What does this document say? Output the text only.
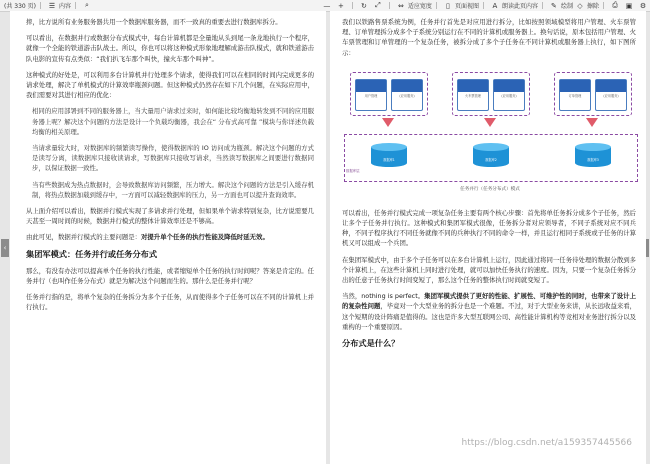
(共 330 页) ☰ 内容 ⌕	— + ↻ ⤢ ⇔ 适应宽度 ▯ 页面视图 A 朗读此页内容 ✎ 绘制 ◇ 擦除 ⎙ ▣ ⚙
‹

摔，比方说所有业务服务器共用一个数据库服务器，而不一致真的重要去进行数据库拆分。

可以看出，在数据并行或数据分布式模式中，每台计算机都是全量地从头到尾一条龙地执行一个程序，就像一个全能的铁道游击队战士。所以，你也可以将这种模式形象地理解成游击队模式，就和铁道游击队电影的宣传有点类似：“我们扒飞车那个叫快，撞火车那个叫神”。

这种模式的好处是，可以利用多台计算机并行处理多个请求，使得我们可以在相同的时间内完成更多的请求处理，解决了单机模式的计算效率瓶颈问题。但这种模式仍然存在如下几个问题，在实际应用中，我们需要对其进行相应的优化：

相同的应用部署到不同的服务器上，当大量用户请求过来时，如何能比较均衡地转发到不同的应用服务器上呢？解决这个问题的方法是设计一个负载均衡器，我会在“ 分布式高可靠 ”模块与你详述负载均衡的相关原理。

当请求量较大时，对数据库的频繁读写操作，使得数据库的 IO 访问成为瓶颈。解决这个问题的方式是读写分离，读数据库只接收读请求，写数据库只接收写请求，当然读写数据库之间要进行数据同步，以保证数据一致性。

当有些数据成为热点数据时，会导致数据库访问频繁，压力增大。解决这个问题的方法是引入缓存机制，将热点数据加载到缓存中，一方面可以减轻数据库的压力，另一方面也可以提升查询效率。

从上面介绍可以看出，数据并行模式实现了多请求并行处理，但如果单个请求特别复杂，比方说需要几天甚至一周时间的时候，数据并行模式的整体计算效率还是不够高。

由此可见，数据并行模式的主要问题是：对提升单个任务的执行性能及降低时延无效。

集团军模式：任务并行或任务分布式

那么，有没有办法可以提高单个任务的执行性能，或者缩短单个任务的执行时间呢？答案是肯定的。任务并行（也叫作任务分布式）就是为解决这个问题而生的。那什么是任务并行呢？

任务并行指的是，将单个复杂的任务拆分为多个子任务，从而使得多个子任务可以在不同的计算机上并行执行。

我们以铁路售票系统为例，任务并行首先是对应用进行拆分，比如按照领域模型将用户管理、火车票管理、订单管理拆分成多个子系统分别运行在不同的计算机或服务器上。换句话说，原本包括用户管理、火车票管理和订单管理的一个复杂任务，被拆分成了多个子任务在不同计算机或服务器上执行，如下图所示：

用户管理	(应用服务)	火车票管理	(应用服务)	订单管理	(应用服务)
数据库1	数据库2	数据库3
数据库层
任务并行（任务分布式）模式

可以看出，任务并行模式完成一项复杂任务主要有两个核心步骤：首先将单任务拆分成多个子任务，然后让多个子任务并行执行。这种模式和集团军模式很像，任务拆分者对应领导者，不同子系统对应不同兵种，不同子程序执行不同任务就像不同的兵种执行不同的命令一样，并且运行相同子系统或子任务的计算机又可以组成一个兵团。

在集团军模式中，由于多个子任务可以在多台计算机上运行，因此通过将同一任务待处理的数据分散到多个计算机上，在这些计算机上同时进行处理，就可以加快任务执行的速度。因为，只要一个复杂任务拆分出的任意子任务执行时间变短了，那么这个任务的整体执行时间就变短了。

当然，nothing is perfect。集团军模式提供了更好的性能、扩展性、可维护性的同时，也带来了设计上的复杂性问题，毕竟对一个大型业务的拆分也是一个难题。不过，对于大型业务来讲，从长远收益来看，这个短期的设计阵痛是值得的。这也是许多大型互联网公司、高性能计算机构等竞相对业务进行拆分以及重构的一个重要原因。

分布式是什么？
https://blog.csdn.net/a159357445566
